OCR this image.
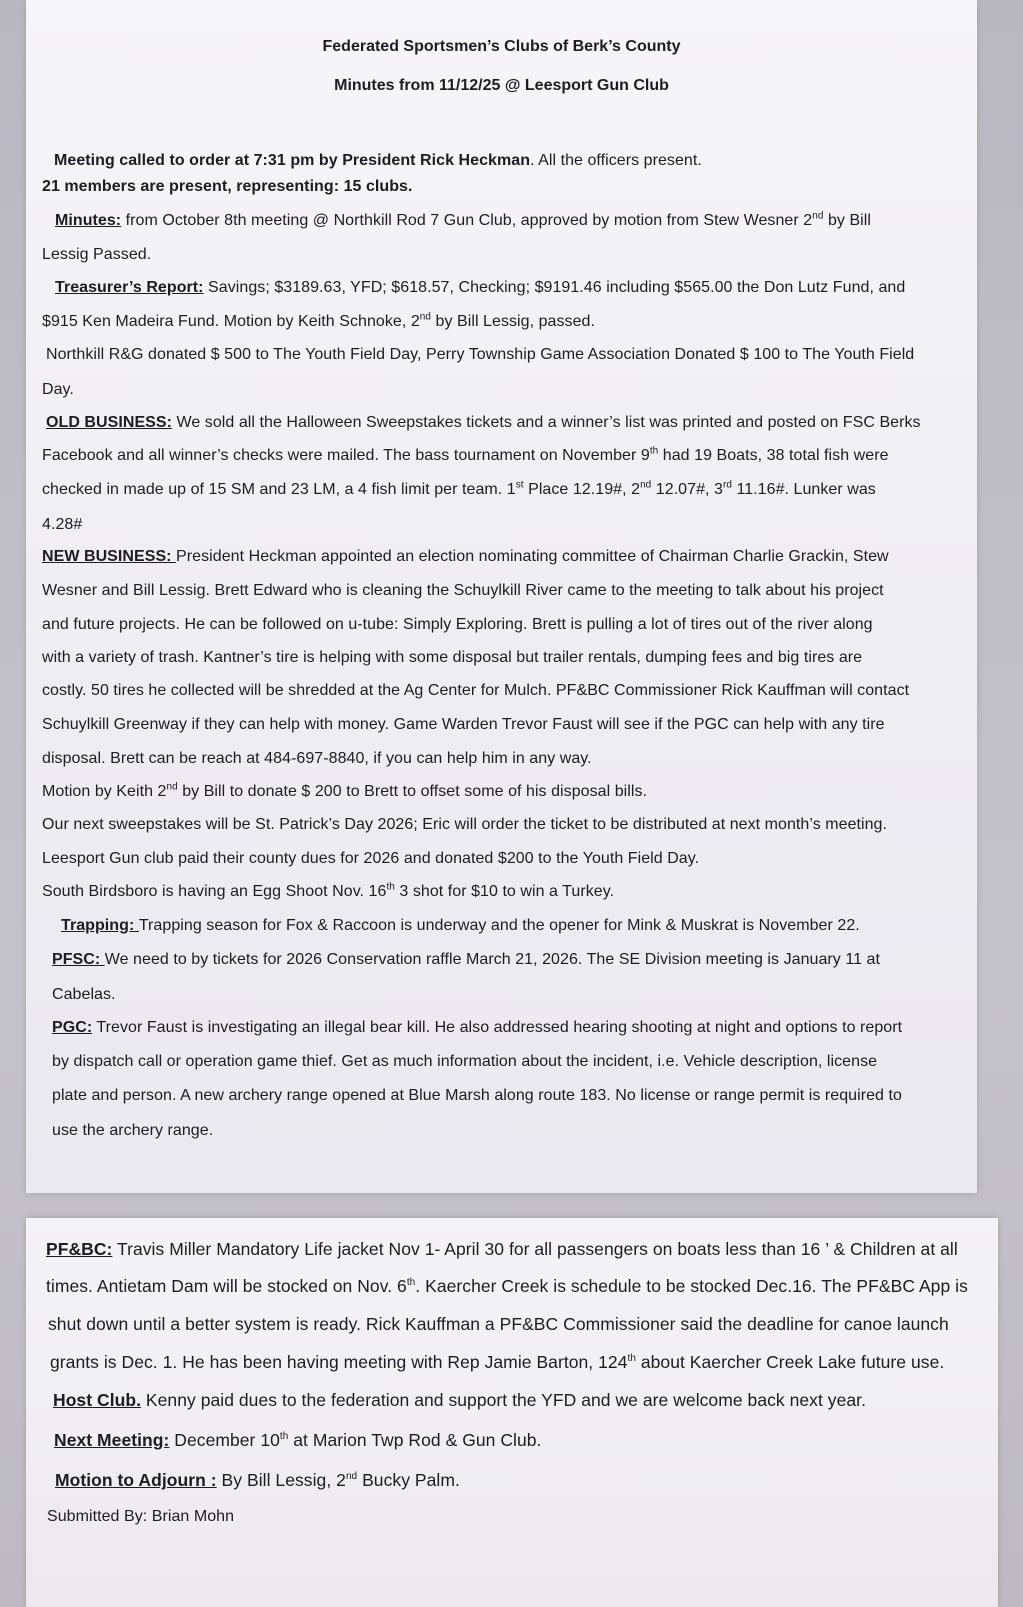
Federated Sportsmen’s Clubs of Berk’s County
Minutes from 11/12/25 @ Leesport Gun Club
Meeting called to order at 7:31 pm by President Rick Heckman. All the officers present.
21 members are present, representing: 15 clubs.
Minutes: from October 8th meeting @ Northkill Rod 7 Gun Club, approved by motion from Stew Wesner 2nd by Bill
Lessig Passed.
Treasurer’s Report: Savings; $3189.63, YFD; $618.57, Checking; $9191.46 including $565.00 the Don Lutz Fund, and
$915 Ken Madeira Fund. Motion by Keith Schnoke, 2nd by Bill Lessig, passed.
Northkill R&G donated $ 500 to The Youth Field Day, Perry Township Game Association Donated $ 100 to The Youth Field
Day.
OLD BUSINESS: We sold all the Halloween Sweepstakes tickets and a winner’s list was printed and posted on FSC Berks
Facebook and all winner’s checks were mailed. The bass tournament on November 9th had 19 Boats, 38 total fish were
checked in made up of 15 SM and 23 LM, a 4 fish limit per team. 1st Place 12.19#, 2nd 12.07#, 3rd 11.16#. Lunker was
4.28#
NEW BUSINESS: President Heckman appointed an election nominating committee of Chairman Charlie Grackin, Stew
Wesner and Bill Lessig. Brett Edward who is cleaning the Schuylkill River came to the meeting to talk about his project
and future projects. He can be followed on u-tube: Simply Exploring. Brett is pulling a lot of tires out of the river along
with a variety of trash. Kantner’s tire is helping with some disposal but trailer rentals, dumping fees and big tires are
costly. 50 tires he collected will be shredded at the Ag Center for Mulch. PF&BC Commissioner Rick Kauffman will contact
Schuylkill Greenway if they can help with money. Game Warden Trevor Faust will see if the PGC can help with any tire
disposal. Brett can be reach at 484-697-8840, if you can help him in any way.
Motion by Keith 2nd by Bill to donate $ 200 to Brett to offset some of his disposal bills.
Our next sweepstakes will be St. Patrick’s Day 2026; Eric will order the ticket to be distributed at next month’s meeting.
Leesport Gun club paid their county dues for 2026 and donated $200 to the Youth Field Day.
South Birdsboro is having an Egg Shoot Nov. 16th 3 shot for $10 to win a Turkey.
Trapping: Trapping season for Fox & Raccoon is underway and the opener for Mink & Muskrat is November 22.
PFSC: We need to by tickets for 2026 Conservation raffle March 21, 2026. The SE Division meeting is January 11 at
Cabelas.
PGC: Trevor Faust is investigating an illegal bear kill. He also addressed hearing shooting at night and options to report
by dispatch call or operation game thief. Get as much information about the incident, i.e. Vehicle description, license
plate and person. A new archery range opened at Blue Marsh along route 183. No license or range permit is required to
use the archery range.
PF&BC: Travis Miller Mandatory Life jacket Nov 1- April 30 for all passengers on boats less than 16 ’ & Children at all
times. Antietam Dam will be stocked on Nov. 6th. Kaercher Creek is schedule to be stocked Dec.16. The PF&BC App is
shut down until a better system is ready. Rick Kauffman a PF&BC Commissioner said the deadline for canoe launch
grants is Dec. 1. He has been having meeting with Rep Jamie Barton, 124th about Kaercher Creek Lake future use.
Host Club. Kenny paid dues to the federation and support the YFD and we are welcome back next year.
Next Meeting: December 10th at Marion Twp Rod & Gun Club.
Motion to Adjourn : By Bill Lessig, 2nd Bucky Palm.
Submitted By: Brian Mohn
